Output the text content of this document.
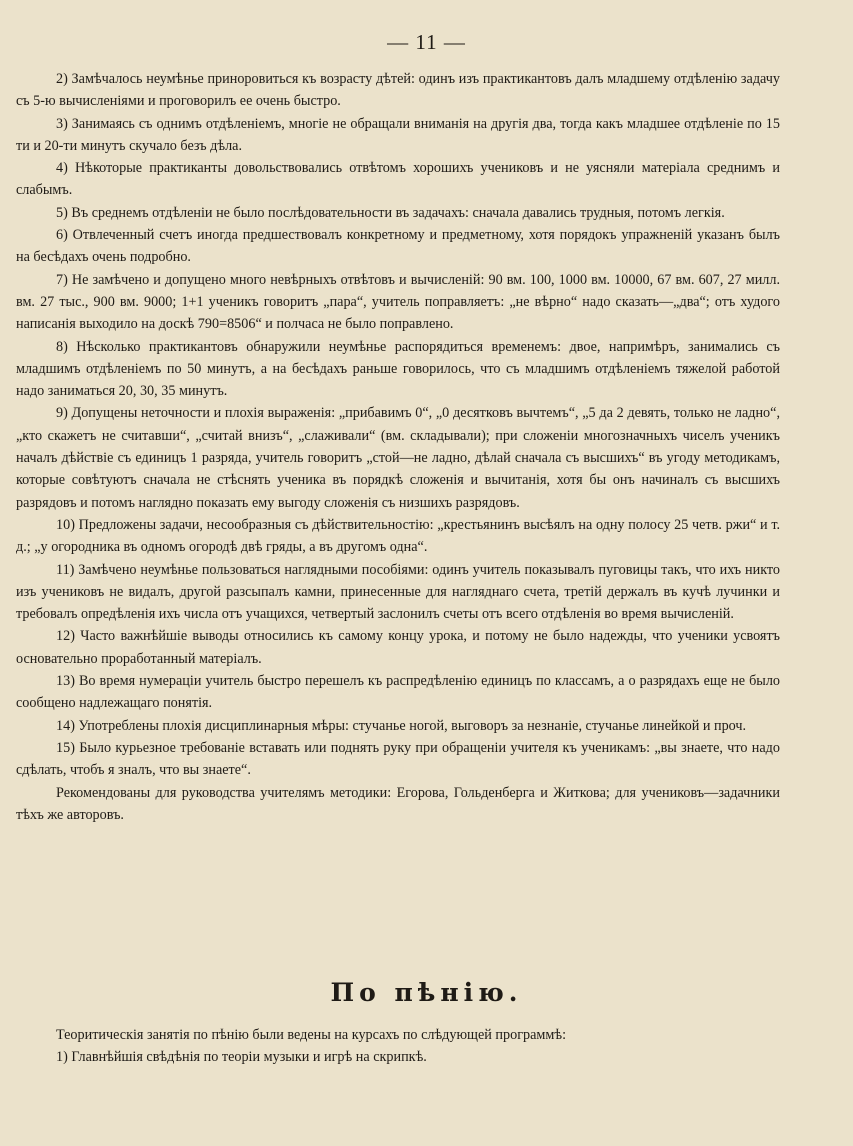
— 11 —

2) Замѣчалось неумѣнье приноровиться къ возрасту дѣтей: одинъ изъ практикантовъ далъ младшему отдѣленію задачу съ 5-ю вычисленіями и проговорилъ ее очень быстро.

3) Занимаясь съ однимъ отдѣленіемъ, многіе не обращали вниманія на другія два, тогда какъ младшее отдѣленіе по 15 ти и 20-ти минутъ скучало безъ дѣла.

4) Нѣкоторые практиканты довольствовались отвѣтомъ хорошихъ учениковъ и не уясняли матеріала среднимъ и слабымъ.

5) Въ среднемъ отдѣленіи не было послѣдовательности въ задачахъ: сначала давались трудныя, потомъ легкія.

6) Отвлеченный счетъ иногда предшествовалъ конкретному и предметному, хотя порядокъ упражненій указанъ былъ на бесѣдахъ очень подробно.

7) Не замѣчено и допущено много невѣрныхъ отвѣтовъ и вычисленій: 90 вм. 100, 1000 вм. 10000, 67 вм. 607, 27 милл. вм. 27 тыс., 900 вм. 9000; 1+1 ученикъ говоритъ „пара“, учитель поправляетъ: „не вѣрно“ надо сказать—„два“; отъ худого написанія выходило на доскѣ 790=8506“ и полчаса не было поправлено.

8) Нѣсколько практикантовъ обнаружили неумѣнье распорядиться временемъ: двое, напримѣръ, занимались съ младшимъ отдѣленіемъ по 50 минутъ, а на бесѣдахъ раньше говорилось, что съ младшимъ отдѣленіемъ тяжелой работой надо заниматься 20, 30, 35 минутъ.

9) Допущены неточности и плохія выраженія: „прибавимъ 0“, „0 десятковъ вычтемъ“, „5 да 2 девять, только не ладно“, „кто скажетъ не считавши“, „считай внизъ“, „слаживали“ (вм. складывали); при сложеніи многозначныхъ чиселъ ученикъ началъ дѣйствіе съ единицъ 1 разряда, учитель говоритъ „стой—не ладно, дѣлай сначала съ высшихъ“ въ угоду методикамъ, которые совѣтуютъ сначала не стѣснять ученика въ порядкѣ сложенія и вычитанія, хотя бы онъ начиналъ съ высшихъ разрядовъ и потомъ наглядно показать ему выгоду сложенія съ низшихъ разрядовъ.

10) Предложены задачи, несообразныя съ дѣйствительностію: „крестьянинъ высѣялъ на одну полосу 25 четв. ржи“ и т. д.; „у огородника въ одномъ огородѣ двѣ гряды, а въ другомъ одна“.

11) Замѣчено неумѣнье пользоваться наглядными пособіями: одинъ учитель показывалъ пуговицы такъ, что ихъ никто изъ учениковъ не видалъ, другой разсыпалъ камни, принесенные для нагляднаго счета, третій держалъ въ кучѣ лучинки и требовалъ опредѣленія ихъ числа отъ учащихся, четвертый заслонилъ счеты отъ всего отдѣленія во время вычисленій.

12) Часто важнѣйшіе выводы относились къ самому концу урока, и потому не было надежды, что ученики усвоятъ основательно проработанный матеріалъ.

13) Во время нумераціи учитель быстро перешелъ къ распредѣленію единицъ по классамъ, а о разрядахъ еще не было сообщено надлежащаго понятія.

14) Употреблены плохія дисциплинарныя мѣры: стучанье ногой, выговоръ за незнаніе, стучанье линейкой и проч.

15) Было курьезное требованіе вставать или поднять руку при обращеніи учителя къ ученикамъ: „вы знаете, что надо сдѣлать, чтобъ я зналъ, что вы знаете“.

Рекомендованы для руководства учителямъ методики: Егорова, Гольденберга и Житкова; для учениковъ—задачники тѣхъ же авторовъ.

По пѣнію.

Теоритическія занятія по пѣнію были ведены на курсахъ по слѣдующей программѣ:

1) Главнѣйшія свѣдѣнія по теоріи музыки и игрѣ на скрипкѣ.
